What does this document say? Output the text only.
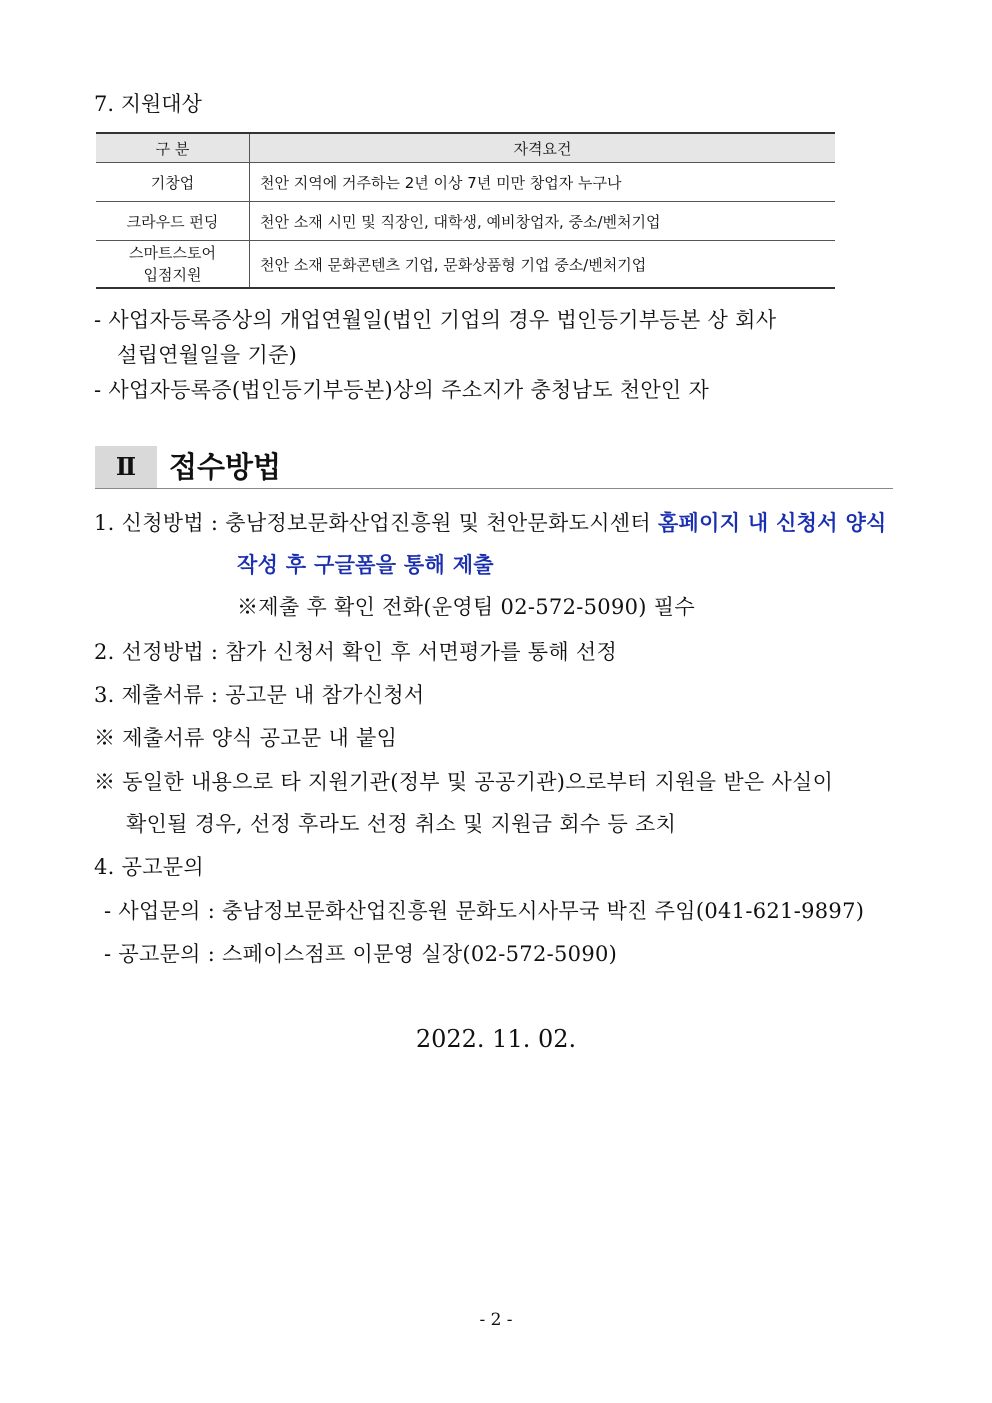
7. 지원대상
구 분	자격요건
기창업	천안 지역에 거주하는 2년 이상 7년 미만 창업자 누구나
크라우드 펀딩	천안 소재 시민 및 직장인, 대학생, 예비창업자, 중소/벤처기업

스마트스토어
입점지원	천안 소재 문화콘텐츠 기업, 문화상품형 기업 중소/벤처기업
- 사업자등록증상의 개업연월일(법인 기업의 경우 법인등기부등본 상 회사
설립연월일을 기준)
- 사업자등록증(법인등기부등본)상의 주소지가 충청남도 천안인 자
Ⅱ	접수방법
1. 신청방법 : 충남정보문화산업진흥원 및 천안문화도시센터 홈페이지 내 신청서 양식
작성 후 구글폼을 통해 제출
※제출 후 확인 전화(운영팀 02-572-5090) 필수
2. 선정방법 : 참가 신청서 확인 후 서면평가를 통해 선정
3. 제출서류 : 공고문 내 참가신청서
※ 제출서류 양식 공고문 내 붙임
※ 동일한 내용으로 타 지원기관(정부 및 공공기관)으로부터 지원을 받은 사실이
확인될 경우, 선정 후라도 선정 취소 및 지원금 회수 등 조치
4. 공고문의
- 사업문의 : 충남정보문화산업진흥원 문화도시사무국 박진 주임(041-621-9897)
- 공고문의 : 스페이스점프 이문영 실장(02-572-5090)
2022. 11. 02.
- 2 -
